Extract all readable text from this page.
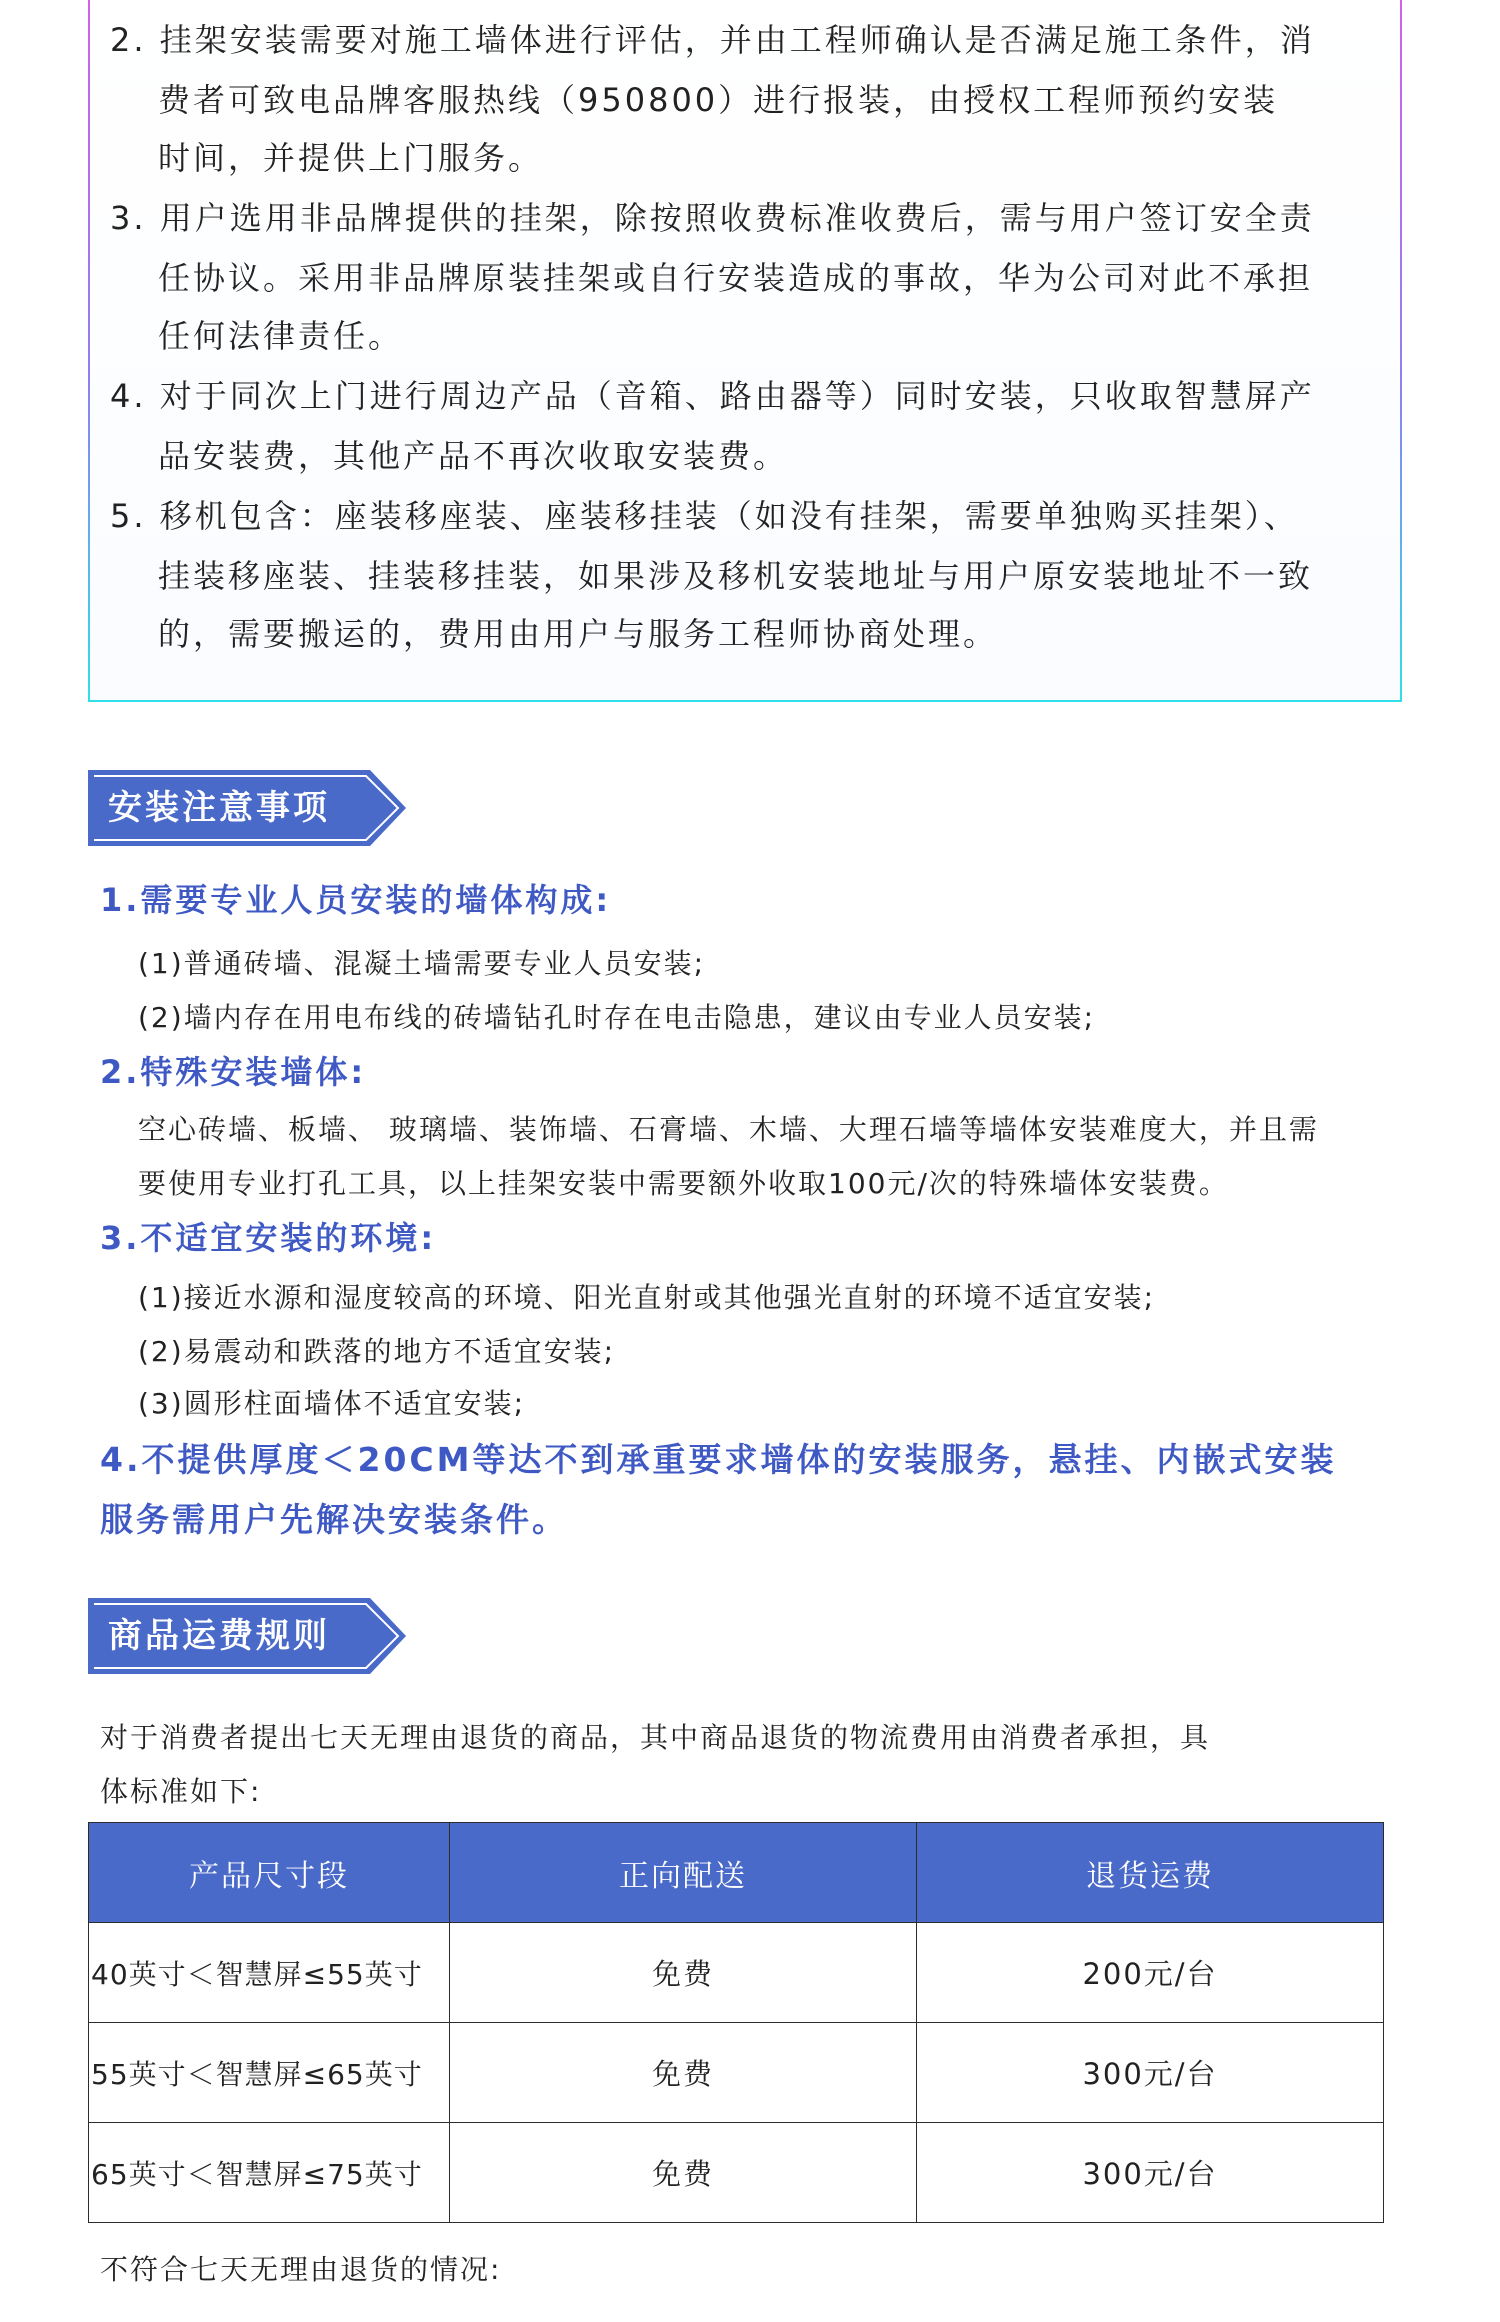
2. 挂架安装需要对施工墙体进行评估，并由工程师确认是否满足施工条件，消
费者可致电品牌客服热线（950800）进行报装，由授权工程师预约安装
时间，并提供上门服务。
3. 用户选用非品牌提供的挂架，除按照收费标准收费后，需与用户签订安全责
任协议。采用非品牌原装挂架或自行安装造成的事故，华为公司对此不承担
任何法律责任。
4. 对于同次上门进行周边产品（音箱、路由器等）同时安装，只收取智慧屏产
品安装费，其他产品不再次收取安装费。
5. 移机包含：座装移座装、座装移挂装（如没有挂架，需要单独购买挂架）、
挂装移座装、挂装移挂装，如果涉及移机安装地址与用户原安装地址不一致
的，需要搬运的，费用由用户与服务工程师协商处理。
安装注意事项
1.需要专业人员安装的墙体构成:
(1)普通砖墙、混凝土墙需要专业人员安装;
(2)墙内存在用电布线的砖墙钻孔时存在电击隐患，建议由专业人员安装;
2.特殊安装墙体:
空心砖墙、板墙、 玻璃墙、装饰墙、石膏墙、木墙、大理石墙等墙体安装难度大，并且需
要使用专业打孔工具，以上挂架安装中需要额外收取100元/次的特殊墙体安装费。
3.不适宜安装的环境:
(1)接近水源和湿度较高的环境、阳光直射或其他强光直射的环境不适宜安装;
(2)易震动和跌落的地方不适宜安装;
(3)圆形柱面墙体不适宜安装;
4.不提供厚度＜20CM等达不到承重要求墙体的安装服务，悬挂、内嵌式安装
服务需用户先解决安装条件。
商品运费规则
对于消费者提出七天无理由退货的商品，其中商品退货的物流费用由消费者承担，具
体标准如下:
产品尺寸段	正向配送	退货运费
40英寸＜智慧屏≤55英寸	免费	200元/台
55英寸＜智慧屏≤65英寸	免费	300元/台
65英寸＜智慧屏≤75英寸	免费	300元/台
不符合七天无理由退货的情况:
